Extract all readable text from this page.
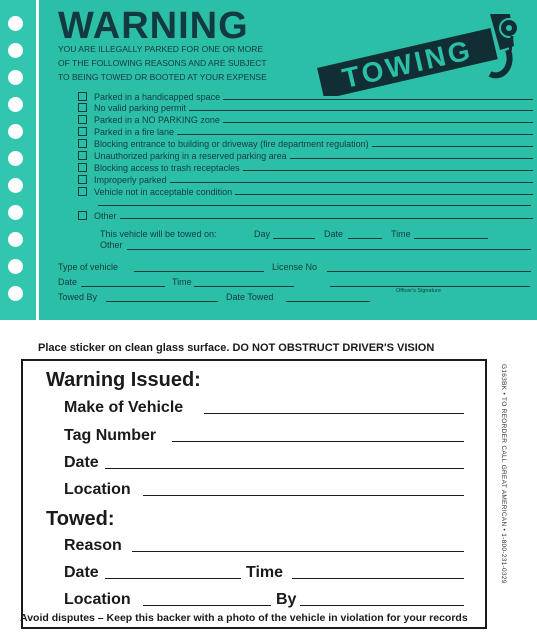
WARNING
YOU ARE ILLEGALLY PARKED FOR ONE OR MORE
OF THE FOLLOWING REASONS AND ARE SUBJECT
TO BEING TOWED OR BOOTED AT YOUR EXPENSE	TOWING
Parked in a handicapped space
No valid parking permit
Parked in a NO PARKING zone
Parked in a fire lane
Blocking entrance to building or driveway (fire department regulation)
Unauthorized parking in a reserved parking area
Blocking access to trash receptacles
Improperly parked
Vehicle not in acceptable condition
Other
This vehicle will be towed on:	Day	Date	Time
Other
Type of vehicle	License No
Date	Time
Officer's Signature
Towed By	Date Towed
Place sticker on clean glass surface. DO NOT OBSTRUCT DRIVER'S VISION
Warning Issued:
Make of Vehicle
Tag Number
Date
Location
Towed:
Reason
Date	Time
Location	By
G163BK • TO REORDER CALL GREAT AMERICAN • 1-800-231-0329
Avoid disputes – Keep this backer with a photo of the vehicle in violation for your records
